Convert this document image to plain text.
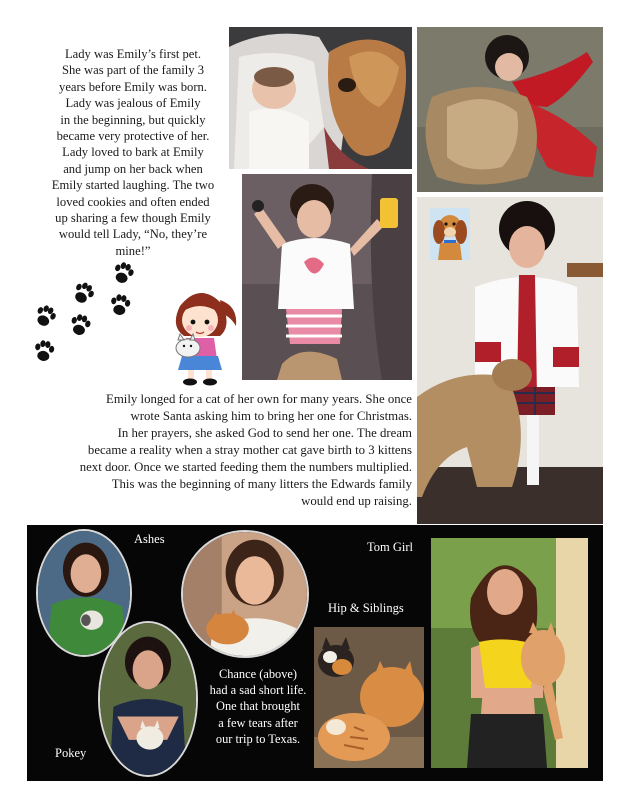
Lady was Emily’s first pet.
She was part of the family 3
years before Emily was born.
Lady was jealous of Emily
in the beginning, but quickly
became very protective of her.
Lady loved to bark at Emily
and jump on her back when
Emily started laughing. The two
loved cookies and often ended
up sharing a few though Emily
would tell Lady, “No, they’re
mine!”
Emily longed for a cat of her own for many years. She once
wrote Santa asking him to bring her one for Christmas.
In her prayers, she asked God to send her one. The dream
became a reality when a stray mother cat gave birth to 3 kittens
next door. Once we started feeding them the numbers multiplied.
This was the beginning of many litters the Edwards family
would end up raising.
Ashes
Tom Girl
Hip & Siblings
Pokey
Chance (above)
had a sad short life.
One that brought
a few tears after
our trip to Texas.
